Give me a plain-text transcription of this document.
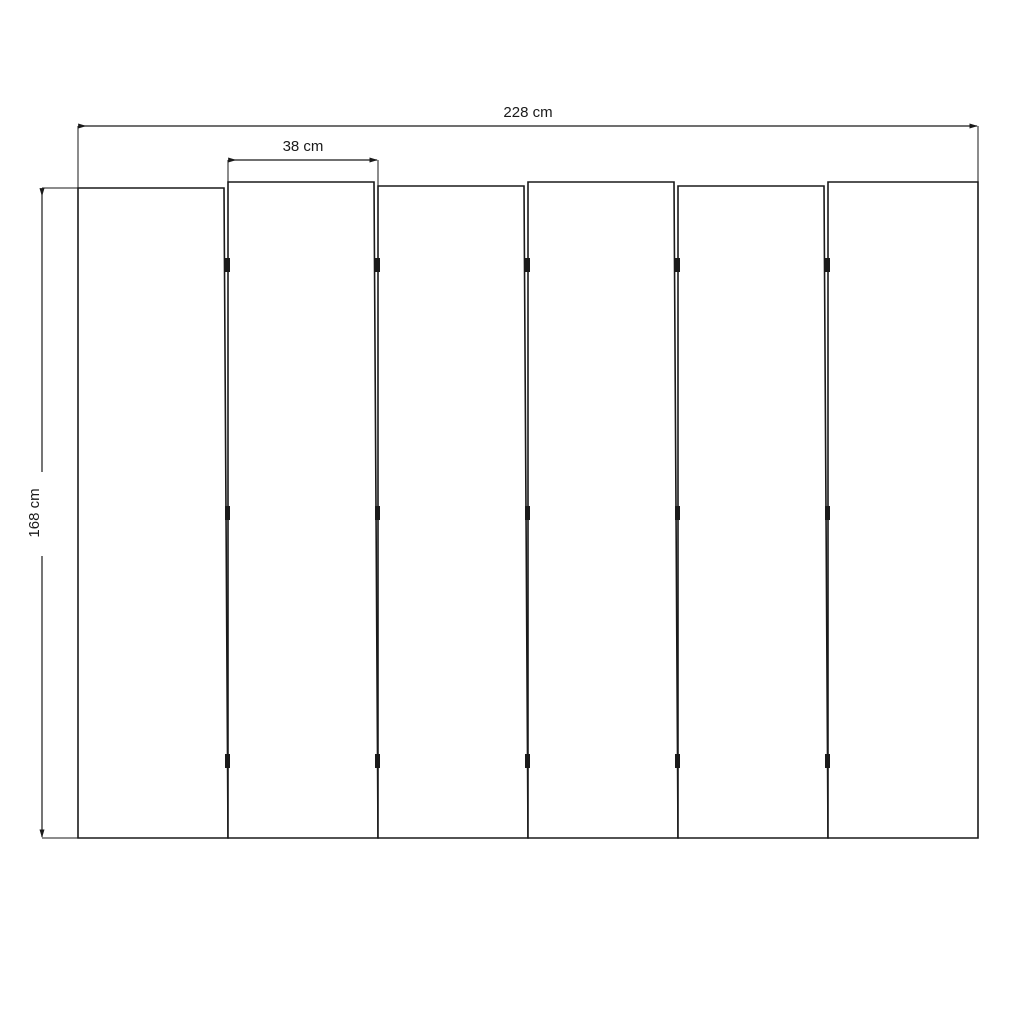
228 cm
38 cm
168 cm
